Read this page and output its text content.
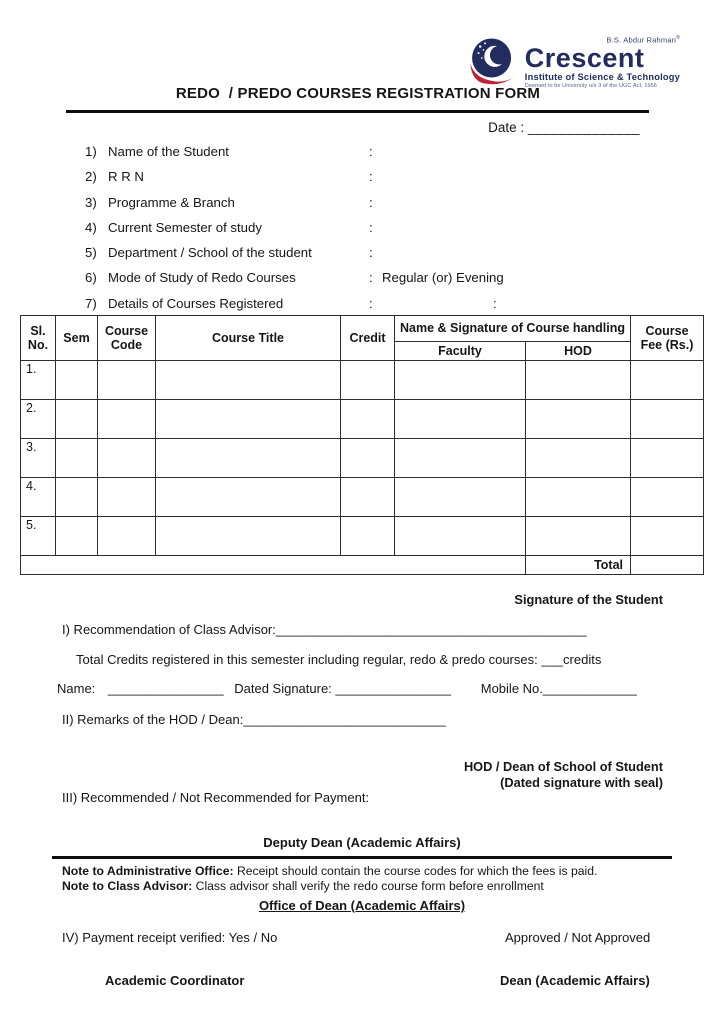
B.S. Abdur Rahman®
Crescent
Institute of Science & Technology
Deemed to be University u/s 3 of the UGC Act, 1956
REDO  / PREDO COURSES REGISTRATION FORM
Date : ______________
1) Name of the Student	:
2) R R N	:
3) Programme & Branch	:
4) Current Semester of study	:
5) Department / School of the student	:
6) Mode of Study of Redo Courses	: Regular (or) Evening
7) Details of Courses Registered	:	:
Sl. No.	Sem	Course Code	Course Title	Credit	Name & Signature of Course handling		Course Fee (Rs.)
					Faculty	HOD	
1.							
2.							
3.							
4.							
5.							
						Total	
Signature of the Student
I) Recommendation of Class Advisor:___________________________________________
Total Credits registered in this semester including regular, redo & predo courses: ___credits
Name: ________________ Dated Signature: ________________ Mobile No._____________
II) Remarks of the HOD / Dean:____________________________
HOD / Dean of School of Student
(Dated signature with seal)
III) Recommended / Not Recommended for Payment:
Deputy Dean (Academic Affairs)
Note to Administrative Office: Receipt should contain the course codes for which the fees is paid.
Note to Class Advisor: Class advisor shall verify the redo course form before enrollment
Office of Dean (Academic Affairs)
IV) Payment receipt verified: Yes / No	Approved / Not Approved
Academic Coordinator	Dean (Academic Affairs)
